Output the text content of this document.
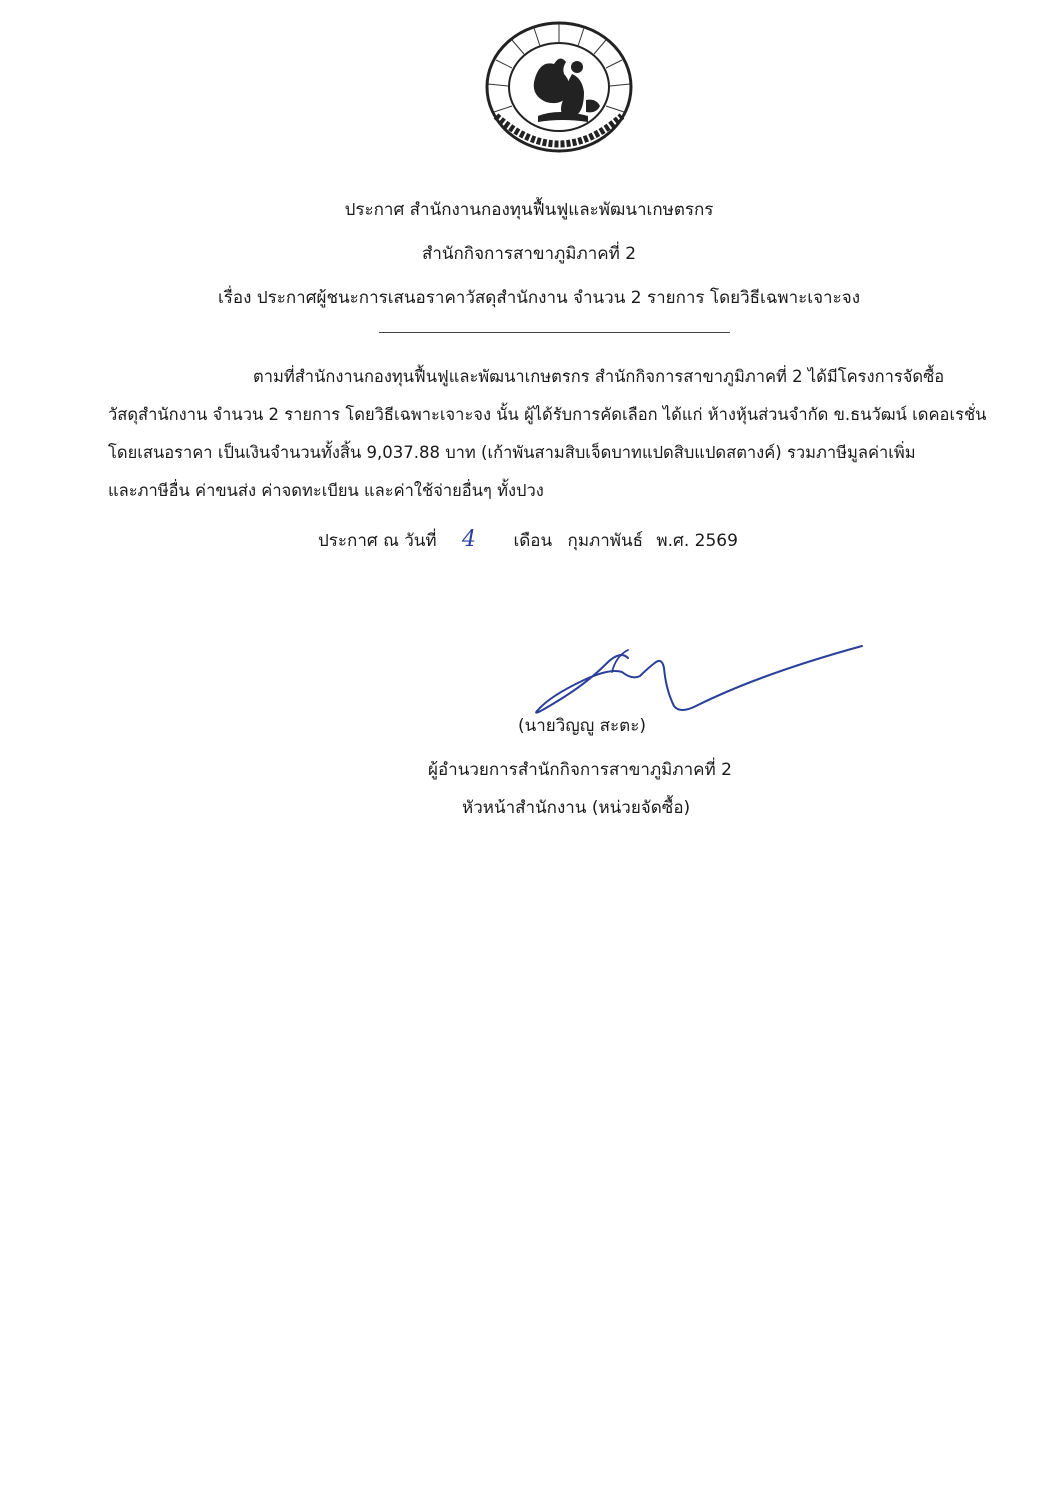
ประกาศ สำนักงานกองทุนฟื้นฟูและพัฒนาเกษตรกร
สำนักกิจการสาขาภูมิภาคที่ 2
เรื่อง ประกาศผู้ชนะการเสนอราคาวัสดุสำนักงาน จำนวน 2 รายการ โดยวิธีเฉพาะเจาะจง
ตามที่สำนักงานกองทุนฟื้นฟูและพัฒนาเกษตรกร สำนักกิจการสาขาภูมิภาคที่ 2 ได้มีโครงการจัดซื้อ
วัสดุสำนักงาน จำนวน 2 รายการ โดยวิธีเฉพาะเจาะจง นั้น ผู้ได้รับการคัดเลือก ได้แก่ ห้างหุ้นส่วนจำกัด ข.ธนวัฒน์ เดคอเรชั่น
โดยเสนอราคา เป็นเงินจำนวนทั้งสิ้น 9,037.88 บาท (เก้าพันสามสิบเจ็ดบาทแปดสิบแปดสตางค์) รวมภาษีมูลค่าเพิ่ม
และภาษีอื่น ค่าขนส่ง ค่าจดทะเบียน และค่าใช้จ่ายอื่นๆ ทั้งปวง
ประกาศ ณ วันที่ 4 เดือน กุมภาพันธ์ พ.ศ. 2569
(นายวิญญู สะตะ)
ผู้อำนวยการสำนักกิจการสาขาภูมิภาคที่ 2
หัวหน้าสำนักงาน (หน่วยจัดซื้อ)
